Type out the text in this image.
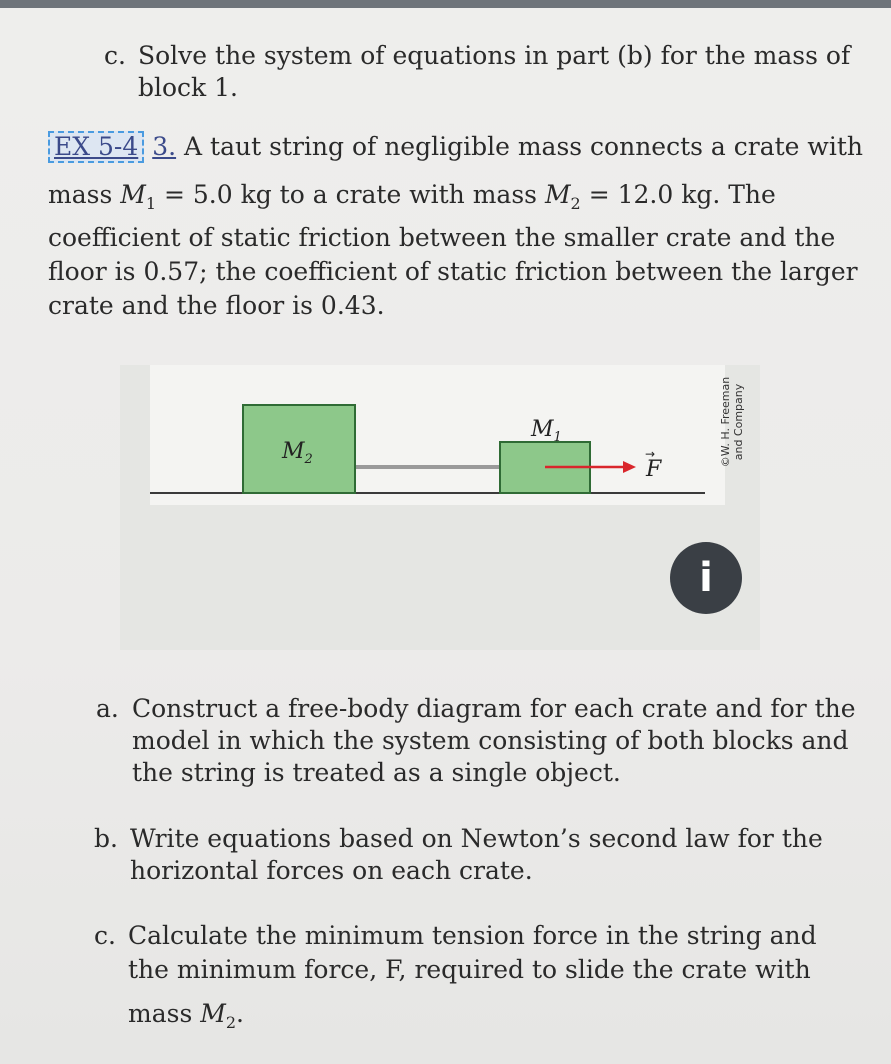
c. Solve the system of equations in part (b) for the mass of
block 1.
EX 5-4 3. A taut string of negligible mass connects a crate with
mass $M_1 = 5.0$ kg to a crate with mass $M_2 = 12.0$ kg. The
coefficient of static friction between the smaller crate and the
floor is 0.57; the coefficient of static friction between the larger
crate and the floor is 0.43.
$M_2$
$M_1$
F
→	©W. H. Freeman and Company
i
a. Construct a free-body diagram for each crate and for the
model in which the system consisting of both blocks and
the string is treated as a single object.
b. Write equations based on Newton’s second law for the
horizontal forces on each crate.
c. Calculate the minimum tension force in the string and
the minimum force, F, required to slide the crate with
mass $M_2$.
